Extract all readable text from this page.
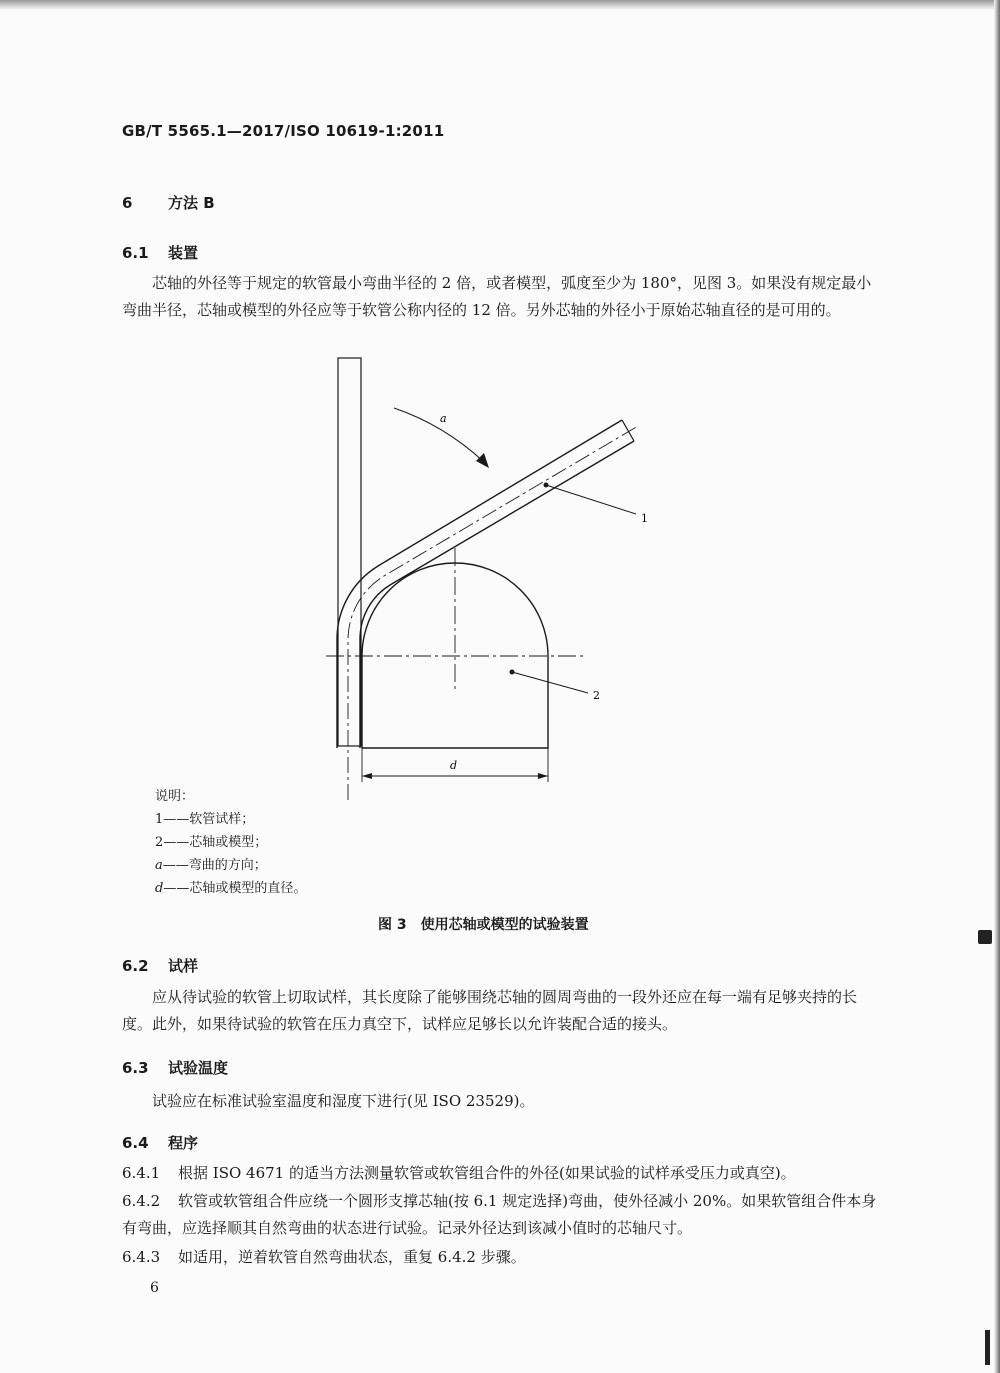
GB/T 5565.1—2017/ISO 10619-1:2011
6 方法 B
6.1 装置
芯轴的外径等于规定的软管最小弯曲半径的 2 倍，或者模型，弧度至少为 180°，见图 3。如果没有规定最小弯曲半径，芯轴或模型的外径应等于软管公称内径的 12 倍。另外芯轴的外径小于原始芯轴直径的是可用的。
a
1
2
d
说明：
1——软管试样；
2——芯轴或模型；
a——弯曲的方向；
d——芯轴或模型的直径。
图 3　使用芯轴或模型的试验装置
6.2 试样
应从待试验的软管上切取试样，其长度除了能够围绕芯轴的圆周弯曲的一段外还应在每一端有足够夹持的长度。此外，如果待试验的软管在压力真空下，试样应足够长以允许装配合适的接头。
6.3 试验温度
试验应在标准试验室温度和湿度下进行(见 ISO 23529)。
6.4 程序
6.4.1 根据 ISO 4671 的适当方法测量软管或软管组合件的外径(如果试验的试样承受压力或真空)。
6.4.2 软管或软管组合件应绕一个圆形支撑芯轴(按 6.1 规定选择)弯曲，使外径减小 20%。如果软管组合件本身有弯曲，应选择顺其自然弯曲的状态进行试验。记录外径达到该减小值时的芯轴尺寸。
6.4.3 如适用，逆着软管自然弯曲状态，重复 6.4.2 步骤。
6
